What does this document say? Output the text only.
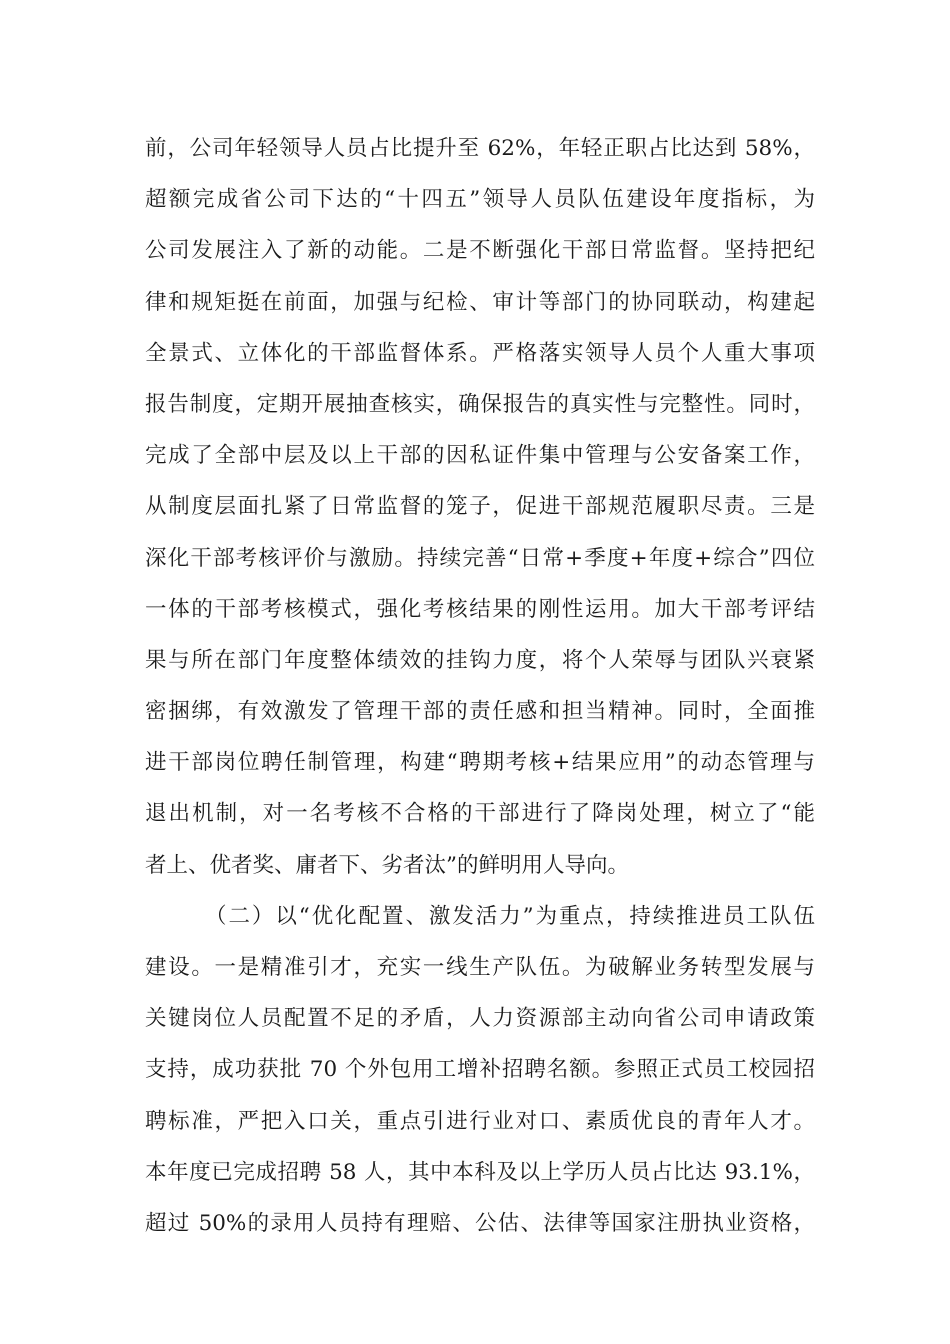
前，公司年轻领导人员占比提升至 62%，年轻正职占比达到 58%，
超额完成省公司下达的“十四五”领导人员队伍建设年度指标，为
公司发展注入了新的动能。二是不断强化干部日常监督。坚持把纪
律和规矩挺在前面，加强与纪检、审计等部门的协同联动，构建起
全景式、立体化的干部监督体系。严格落实领导人员个人重大事项
报告制度，定期开展抽查核实，确保报告的真实性与完整性。同时，
完成了全部中层及以上干部的因私证件集中管理与公安备案工作，
从制度层面扎紧了日常监督的笼子，促进干部规范履职尽责。三是
深化干部考核评价与激励。持续完善“日常+季度+年度+综合”四位
一体的干部考核模式，强化考核结果的刚性运用。加大干部考评结
果与所在部门年度整体绩效的挂钩力度，将个人荣辱与团队兴衰紧
密捆绑，有效激发了管理干部的责任感和担当精神。同时，全面推
进干部岗位聘任制管理，构建“聘期考核+结果应用”的动态管理与
退出机制，对一名考核不合格的干部进行了降岗处理，树立了“能
者上、优者奖、庸者下、劣者汰”的鲜明用人导向。
（二）以“优化配置、激发活力”为重点，持续推进员工队伍
建设。一是精准引才，充实一线生产队伍。为破解业务转型发展与
关键岗位人员配置不足的矛盾，人力资源部主动向省公司申请政策
支持，成功获批 70 个外包用工增补招聘名额。参照正式员工校园招
聘标准，严把入口关，重点引进行业对口、素质优良的青年人才。
本年度已完成招聘 58 人，其中本科及以上学历人员占比达 93.1%，
超过 50%的录用人员持有理赔、公估、法律等国家注册执业资格，
